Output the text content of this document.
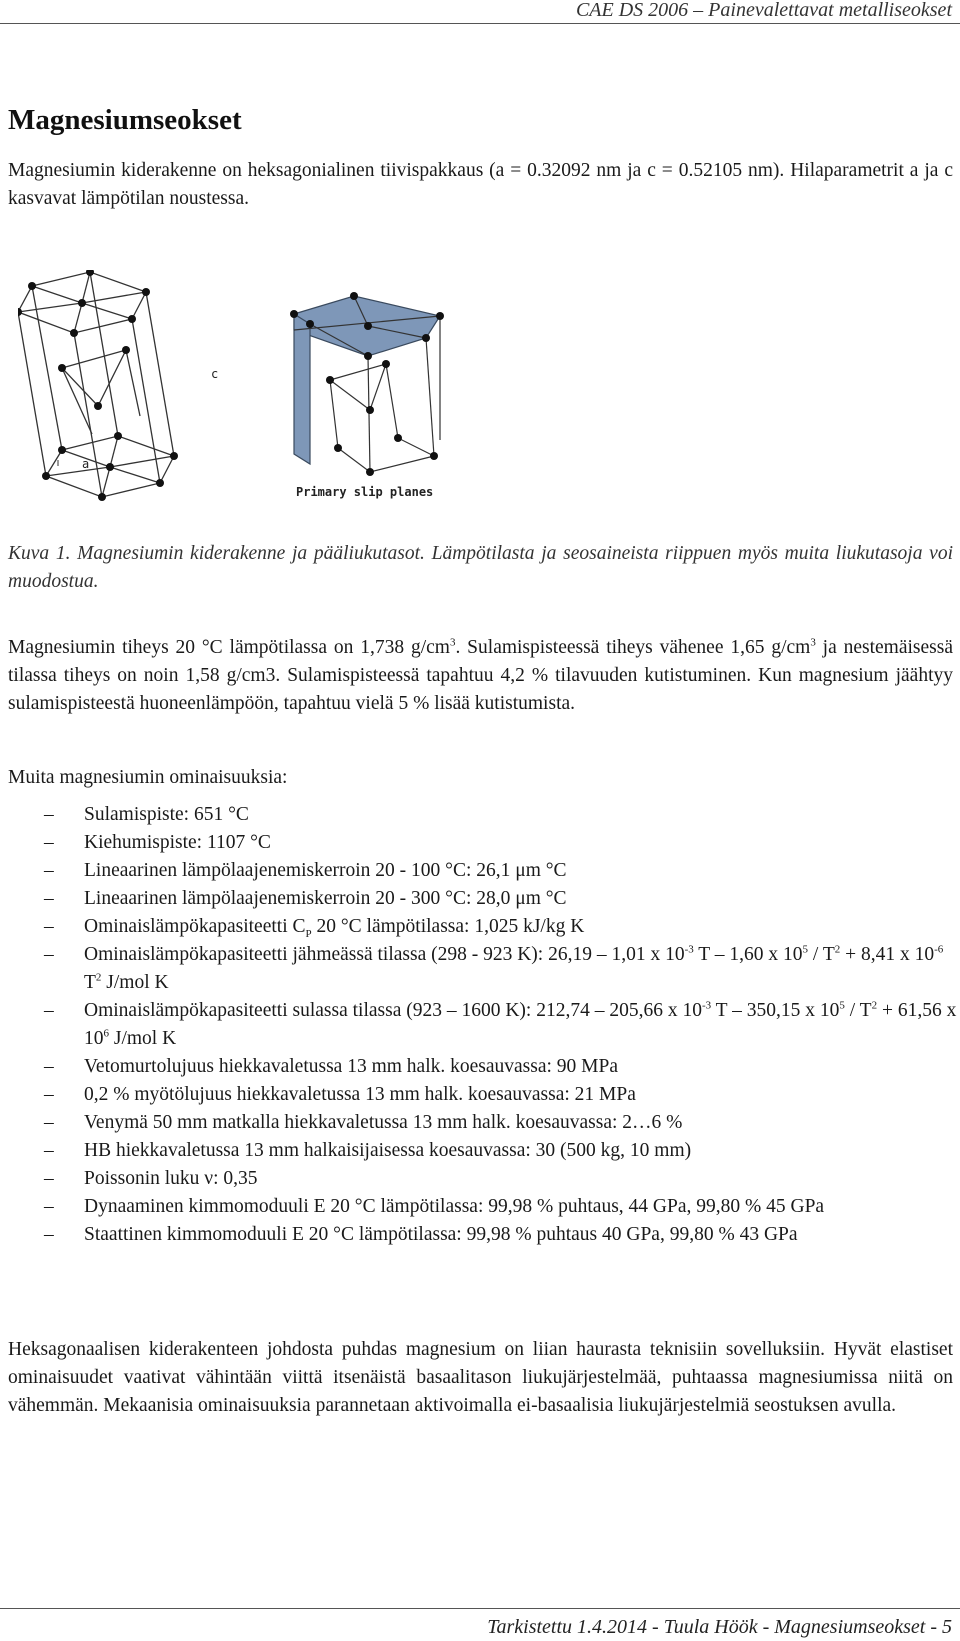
CAE DS 2006 – Painevalettavat metalliseokset
Magnesiumseokset
Magnesiumin kiderakenne on heksagonialinen tiivispakkaus (a = 0.32092 nm ja c = 0.52105 nm). Hilaparametrit a ja c kasvavat lämpötilan noustessa.
c
a
Primary slip planes
Kuva 1. Magnesiumin kiderakenne ja pääliukutasot. Lämpötilasta ja seosaineista riippuen myös muita liukutasoja voi muodostua.
Magnesiumin tiheys 20 °C lämpötilassa on 1,738 $g/cm^3$. Sulamispisteessä tiheys vähenee 1,65 $g/cm^3$ ja nestemäisessä tilassa tiheys on noin 1,58 g/cm3. Sulamispisteessä tapahtuu 4,2 % tilavuuden kutistuminen. Kun magnesium jäähtyy sulamispisteestä huoneenlämpöön, tapahtuu vielä 5 % lisää kutistumista.
Muita magnesiumin ominaisuuksia:
– Sulamispiste: 651 °C
– Kiehumispiste: 1107 °C
– Lineaarinen lämpölaajenemiskerroin 20 - 100 °C: 26,1 μm °C
– Lineaarinen lämpölaajenemiskerroin 20 - 300 °C: 28,0 μm °C
– Ominaislämpökapasiteetti $C_P$ 20 °C lämpötilassa: 1,025 kJ/kg K
– Ominaislämpökapasiteetti jähmeässä tilassa (298 - 923 K): 26,19 – 1,01 x $10^{-3}$ T – 1,60 x $10^5 / T^2 + 8,41$ x $10^{-6}$ $T^2$ J/mol K
– Ominaislämpökapasiteetti sulassa tilassa (923 – 1600 K): 212,74 – 205,66 x $10^{-3}$ T – 350,15 x $10^5 / T^2 + 61,56$ x $10^6$ J/mol K
– Vetomurtolujuus hiekkavaletussa 13 mm halk. koesauvassa: 90 MPa
– 0,2 % myötölujuus hiekkavaletussa 13 mm halk. koesauvassa: 21 MPa
– Venymä 50 mm matkalla hiekkavaletussa 13 mm halk. koesauvassa: 2…6 %
– HB hiekkavaletussa 13 mm halkaisijaisessa koesauvassa: 30 (500 kg, 10 mm)
– Poissonin luku ν: 0,35
– Dynaaminen kimmomoduuli E 20 °C lämpötilassa: 99,98 % puhtaus, 44 GPa, 99,80 % 45 GPa
– Staattinen kimmomoduuli E 20 °C lämpötilassa: 99,98 % puhtaus 40 GPa, 99,80 % 43 GPa
Heksagonaalisen kiderakenteen johdosta puhdas magnesium on liian haurasta teknisiin sovelluksiin. Hyvät elastiset ominaisuudet vaativat vähintään viittä itsenäistä basaalitason liukujärjestelmää, puhtaassa magnesiumissa niitä on vähemmän. Mekaanisia ominaisuuksia parannetaan aktivoimalla ei-basaalisia liukujärjestelmiä seostuksen avulla.
Tarkistettu 1.4.2014 - Tuula Höök - Magnesiumseokset - 5
